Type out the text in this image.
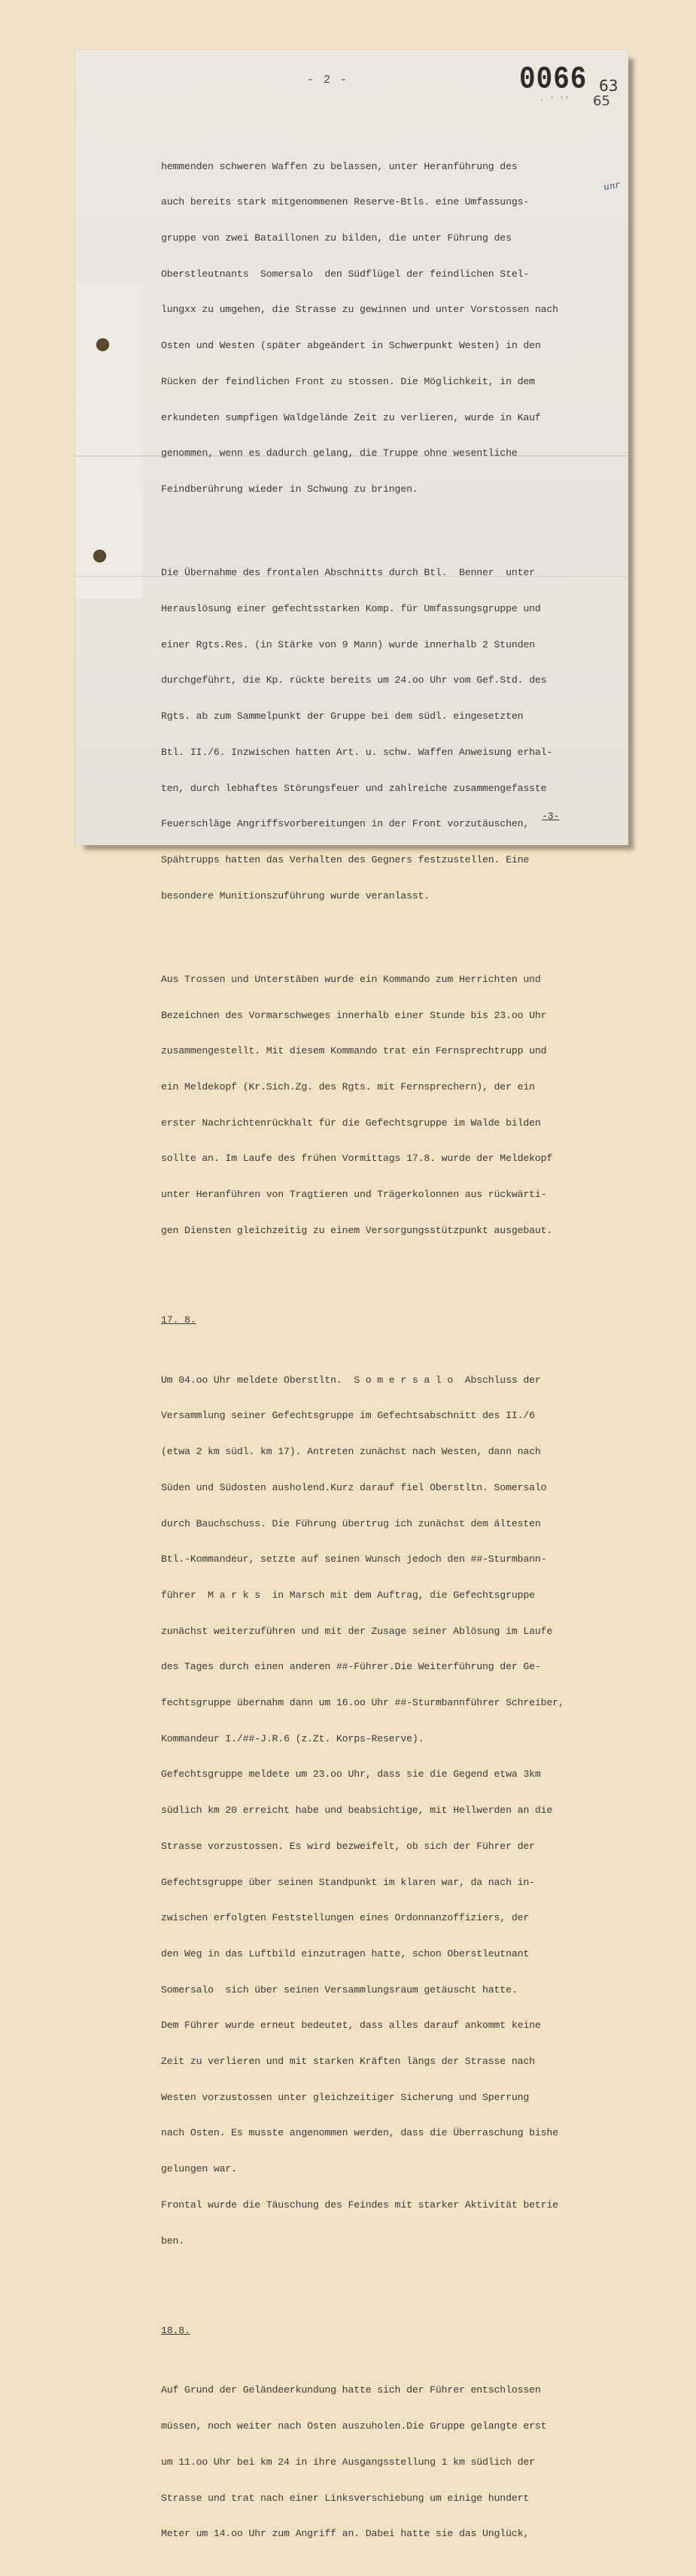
- 2 -	0066 63
65
- ' ''
unr

hemmenden schweren Waffen zu belassen, unter Heranführung des

auch bereits stark mitgenommenen Reserve-Btls. eine Umfassungs-

gruppe von zwei Bataillonen zu bilden, die unter Führung des

Oberstleutnants  Somersalo  den Südflügel der feindlichen Stel-

lungxx zu umgehen, die Strasse zu gewinnen und unter Vorstossen nach

Osten und Westen (später abgeändert in Schwerpunkt Westen) in den

Rücken der feindlichen Front zu stossen. Die Möglichkeit, in dem

erkundeten sumpfigen Waldgelände Zeit zu verlieren, wurde in Kauf

genommen, wenn es dadurch gelang, die Truppe ohne wesentliche

Feindberührung wieder in Schwung zu bringen.

Die Übernahme des frontalen Abschnitts durch Btl.  Benner  unter

Herauslösung einer gefechtsstarken Komp. für Umfassungsgruppe und

einer Rgts.Res. (in Stärke von 9 Mann) wurde innerhalb 2 Stunden

durchgeführt, die Kp. rückte bereits um 24.oo Uhr vom Gef.Std. des

Rgts. ab zum Sammelpunkt der Gruppe bei dem südl. eingesetzten

Btl. II./6. Inzwischen hatten Art. u. schw. Waffen Anweisung erhal-

ten, durch lebhaftes Störungsfeuer und zahlreiche zusammengefasste

Feuerschläge Angriffsvorbereitungen in der Front vorzutäuschen,

Spähtrupps hatten das Verhalten des Gegners festzustellen. Eine

besondere Munitionszuführung wurde veranlasst.

Aus Trossen und Unterstäben wurde ein Kommando zum Herrichten und

Bezeichnen des Vormarschweges innerhalb einer Stunde bis 23.oo Uhr

zusammengestellt. Mit diesem Kommando trat ein Fernsprechtrupp und

ein Meldekopf (Kr.Sich.Zg. des Rgts. mit Fernsprechern), der ein

erster Nachrichtenrückhalt für die Gefechtsgruppe im Walde bilden

sollte an. Im Laufe des frühen Vormittags 17.8. wurde der Meldekopf

unter Heranführen von Tragtieren und Trägerkolonnen aus rückwärti-

gen Diensten gleichzeitig zu einem Versorgungsstützpunkt ausgebaut.

17. 8.

Um 04.oo Uhr meldete Oberstltn.  S o m e r s a l o  Abschluss der

Versammlung seiner Gefechtsgruppe im Gefechtsabschnitt des II./6

(etwa 2 km südl. km 17). Antreten zunächst nach Westen, dann nach

Süden und Südosten ausholend.Kurz darauf fiel Oberstltn. Somersalo

durch Bauchschuss. Die Führung übertrug ich zunächst dem ältesten

Btl.-Kommandeur, setzte auf seinen Wunsch jedoch den ##-Sturmbann-

führer  M a r k s  in Marsch mit dem Auftrag, die Gefechtsgruppe

zunächst weiterzuführen und mit der Zusage seiner Ablösung im Laufe

des Tages durch einen anderen ##-Führer.Die Weiterführung der Ge-

fechtsgruppe übernahm dann um 16.oo Uhr ##-Sturmbannführer Schreiber,

Kommandeur I./##-J.R.6 (z.Zt. Korps-Reserve).

Gefechtsgruppe meldete um 23.oo Uhr, dass sie die Gegend etwa 3km

südlich km 20 erreicht habe und beabsichtige, mit Hellwerden an die

Strasse vorzustossen. Es wird bezweifelt, ob sich der Führer der

Gefechtsgruppe über seinen Standpunkt im klaren war, da nach in-

zwischen erfolgten Feststellungen eines Ordonnanzoffiziers, der

den Weg in das Luftbild einzutragen hatte, schon Oberstleutnant

Somersalo  sich über seinen Versammlungsraum getäuscht hatte.

Dem Führer wurde erneut bedeutet, dass alles darauf ankommt keine

Zeit zu verlieren und mit starken Kräften längs der Strasse nach

Westen vorzustossen unter gleichzeitiger Sicherung und Sperrung

nach Osten. Es musste angenommen werden, dass die Überraschung bishe

gelungen war.

Frontal wurde die Täuschung des Feindes mit starker Aktivität betrie

ben.

18.8.

Auf Grund der Geländeerkundung hatte sich der Führer entschlossen

müssen, noch weiter nach Osten auszuholen.Die Gruppe gelangte erst

um 11.oo Uhr bei km 24 in ihre Ausgangsstellung 1 km südlich der

Strasse und trat nach einer Linksverschiebung um einige hundert

Meter um 14.oo Uhr zum Angriff an. Dabei hatte sie das Unglück,

-3-
